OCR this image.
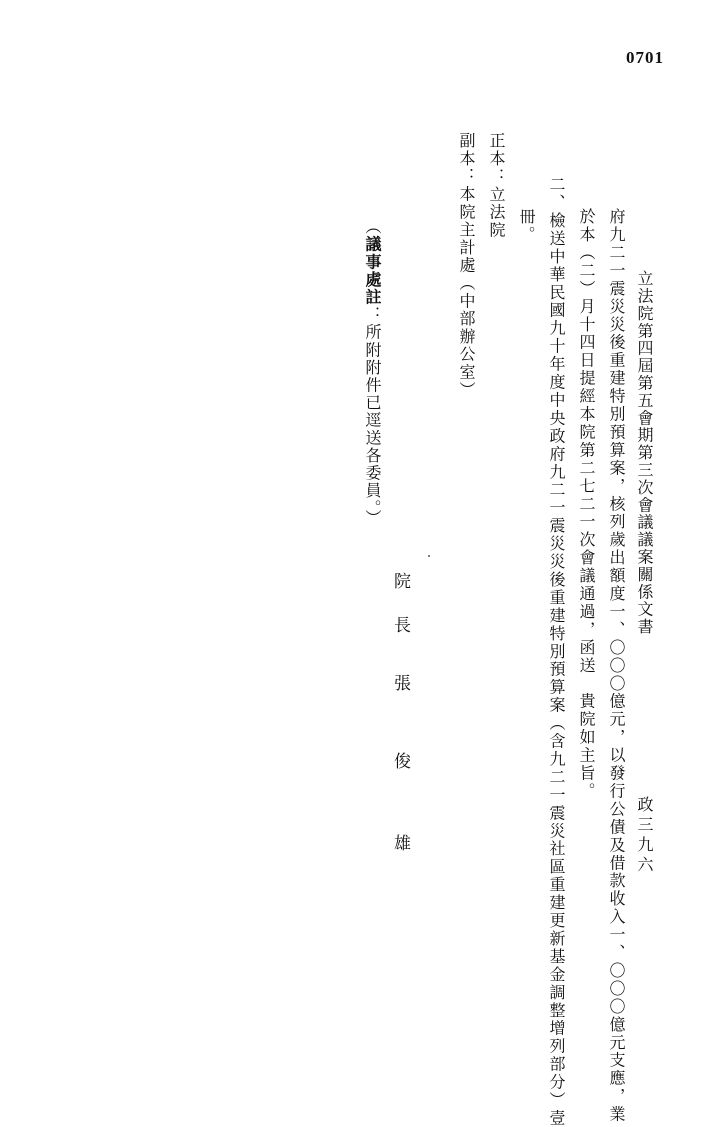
0701
立法院第四屆第五會期第三次會議議案關係文書
政三九六
府九二一震災災後重建特別預算案，核列歲出額度一、〇〇〇億元，以發行公債及借款收入一、〇〇〇億元支應，業
於本（二）月十四日提經本院第二七二一次會議通過，函送　貴院如主旨。
二、檢送中華民國九十年度中央政府九二一震災災後重建特別預算案（含九二一震災社區重建更新基金調整增列部分）壹
冊。
正本：立法院
副本：本院主計處（中部辦公室）
（議事處註：所附附件已逕送各委員。）
院
長
張
俊
雄
